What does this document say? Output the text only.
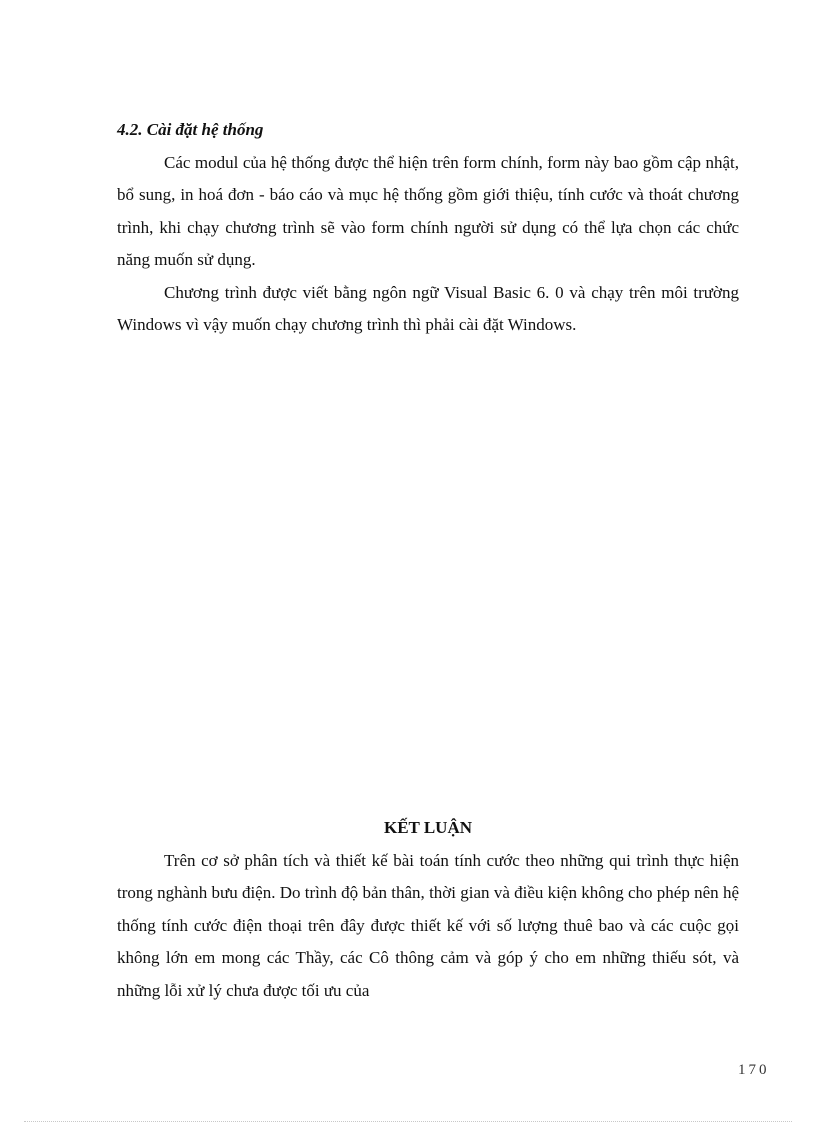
4.2. Cài đặt hệ thống

Các modul của hệ thống được thể hiện trên form chính, form này bao gồm cập nhật, bổ sung, in hoá đơn - báo cáo và mục hệ thống gồm giới thiệu, tính cước và thoát chương trình, khi chạy chương trình sẽ vào form chính người sử dụng có thể lựa chọn các chức năng muốn sử dụng.

Chương trình được viết bằng ngôn ngữ Visual Basic 6. 0 và chạy trên môi trường Windows vì vậy muốn chạy chương trình thì phải cài đặt Windows.

KẾT LUẬN

Trên cơ sở phân tích và thiết kế bài toán tính cước theo những qui trình thực hiện trong nghành bưu điện. Do trình độ bản thân, thời gian và điều kiện không cho phép nên hệ thống tính cước điện thoại trên đây được thiết kế với số lượng thuê bao và các cuộc gọi không lớn em mong các Thầy, các Cô thông cảm và góp ý cho em những thiếu sót, và những lỗi xử lý chưa được tối ưu của

170
